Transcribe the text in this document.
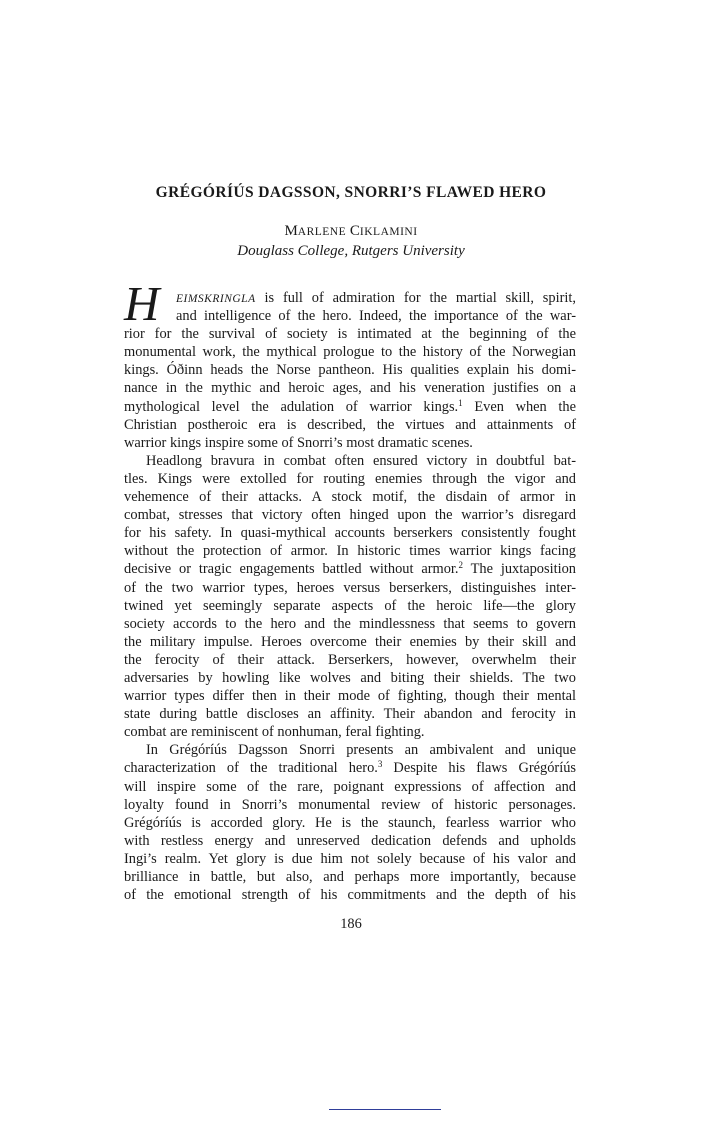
GRÉGÓRÍÚS DAGSSON, SNORRI’S FLAWED HERO
MARLENE CIKLAMINI
Douglass College, Rutgers University
H	EIMSKRINGLA is full of admiration for the martial skill, spirit,
and intelligence of the hero. Indeed, the importance of the war-
rior for the survival of society is intimated at the beginning of the
monumental work, the mythical prologue to the history of the Norwegian
kings. Óðinn heads the Norse pantheon. His qualities explain his domi-
nance in the mythic and heroic ages, and his veneration justifies on a
mythological level the adulation of warrior kings.$^1$ Even when the
Christian postheroic era is described, the virtues and attainments of
warrior kings inspire some of Snorri’s most dramatic scenes.
Headlong bravura in combat often ensured victory in doubtful bat-
tles. Kings were extolled for routing enemies through the vigor and
vehemence of their attacks. A stock motif, the disdain of armor in
combat, stresses that victory often hinged upon the warrior’s disregard
for his safety. In quasi-mythical accounts berserkers consistently fought
without the protection of armor. In historic times warrior kings facing
decisive or tragic engagements battled without armor.$^2$ The juxtaposition
of the two warrior types, heroes versus berserkers, distinguishes inter-
twined yet seemingly separate aspects of the heroic life—the glory
society accords to the hero and the mindlessness that seems to govern
the military impulse. Heroes overcome their enemies by their skill and
the ferocity of their attack. Berserkers, however, overwhelm their
adversaries by howling like wolves and biting their shields. The two
warrior types differ then in their mode of fighting, though their mental
state during battle discloses an affinity. Their abandon and ferocity in
combat are reminiscent of nonhuman, feral fighting.
In Grégóríús Dagsson Snorri presents an ambivalent and unique
characterization of the traditional hero.$^3$ Despite his flaws Grégóríús
will inspire some of the rare, poignant expressions of affection and
loyalty found in Snorri’s monumental review of historic personages.
Grégóríús is accorded glory. He is the staunch, fearless warrior who
with restless energy and unreserved dedication defends and upholds
Ingi’s realm. Yet glory is due him not solely because of his valor and
brilliance in battle, but also, and perhaps more importantly, because
of the emotional strength of his commitments and the depth of his
186
